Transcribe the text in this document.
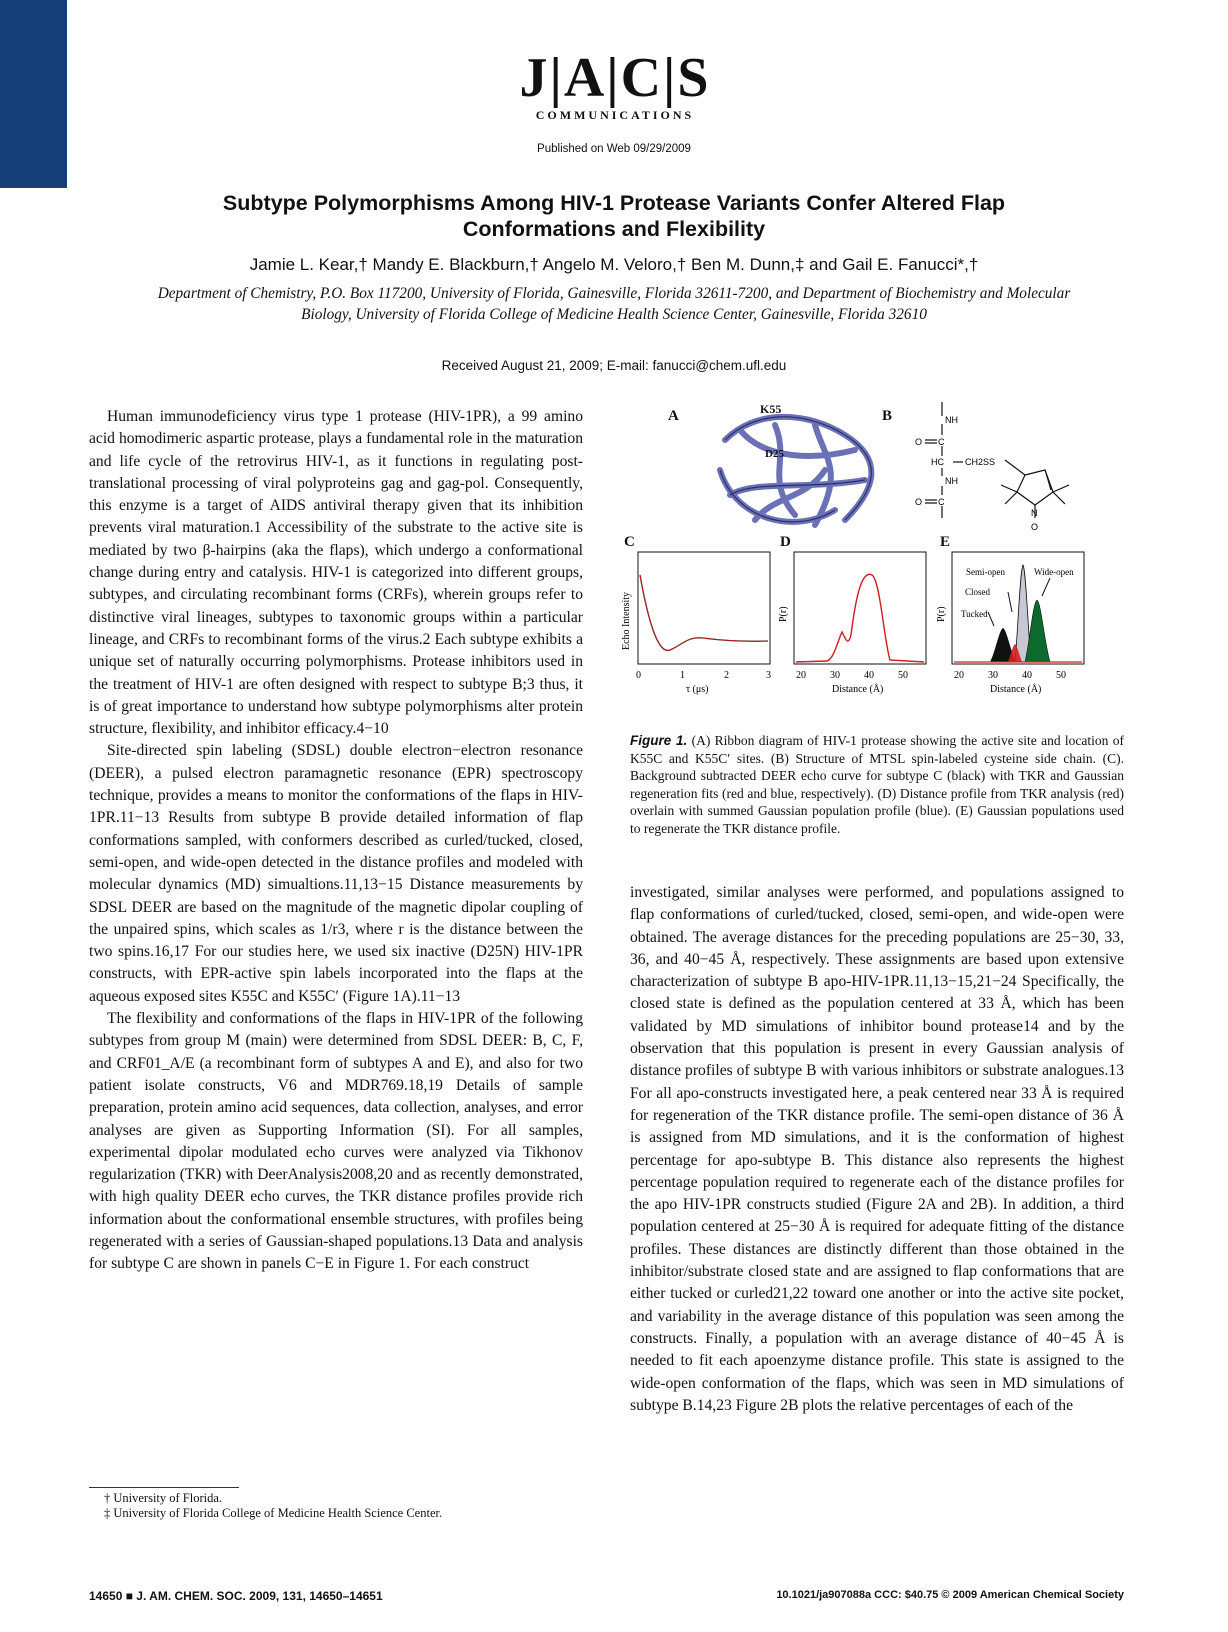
J|A|C|S
COMMUNICATIONS
Published on Web 09/29/2009
Subtype Polymorphisms Among HIV-1 Protease Variants Confer Altered Flap
Conformations and Flexibility
Jamie L. Kear,† Mandy E. Blackburn,† Angelo M. Veloro,† Ben M. Dunn,‡ and Gail E. Fanucci*,†
Department of Chemistry, P.O. Box 117200, University of Florida, Gainesville, Florida 32611-7200, and Department of Biochemistry and Molecular Biology, University of Florida College of Medicine Health Science Center, Gainesville, Florida 32610
Received August 21, 2009; E-mail: fanucci@chem.ufl.edu

Human immunodeficiency virus type 1 protease (HIV-1PR), a 99 amino acid homodimeric aspartic protease, plays a fundamental role in the maturation and life cycle of the retrovirus HIV-1, as it functions in regulating post-translational processing of viral polyproteins gag and gag-pol. Consequently, this enzyme is a target of AIDS antiviral therapy given that its inhibition prevents viral maturation.1 Accessibility of the substrate to the active site is mediated by two β-hairpins (aka the flaps), which undergo a conformational change during entry and catalysis. HIV-1 is categorized into different groups, subtypes, and circulating recombinant forms (CRFs), wherein groups refer to distinctive viral lineages, subtypes to taxonomic groups within a particular lineage, and CRFs to recombinant forms of the virus.2 Each subtype exhibits a unique set of naturally occurring polymorphisms. Protease inhibitors used in the treatment of HIV-1 are often designed with respect to subtype B;3 thus, it is of great importance to understand how subtype polymorphisms alter protein structure, flexibility, and inhibitor efficacy.4−10

Site-directed spin labeling (SDSL) double electron−electron resonance (DEER), a pulsed electron paramagnetic resonance (EPR) spectroscopy technique, provides a means to monitor the conformations of the flaps in HIV-1PR.11−13 Results from subtype B provide detailed information of flap conformations sampled, with conformers described as curled/tucked, closed, semi-open, and wide-open detected in the distance profiles and modeled with molecular dynamics (MD) simualtions.11,13−15 Distance measurements by SDSL DEER are based on the magnitude of the magnetic dipolar coupling of the unpaired spins, which scales as 1/r3, where r is the distance between the two spins.16,17 For our studies here, we used six inactive (D25N) HIV-1PR constructs, with EPR-active spin labels incorporated into the flaps at the aqueous exposed sites K55C and K55C′ (Figure 1A).11−13

The flexibility and conformations of the flaps in HIV-1PR of the following subtypes from group M (main) were determined from SDSL DEER: B, C, F, and CRF01_A/E (a recombinant form of subtypes A and E), and also for two patient isolate constructs, V6 and MDR769.18,19 Details of sample preparation, protein amino acid sequences, data collection, analyses, and error analyses are given as Supporting Information (SI). For all samples, experimental dipolar modulated echo curves were analyzed via Tikhonov regularization (TKR) with DeerAnalysis2008,20 and as recently demonstrated, with high quality DEER echo curves, the TKR distance profiles provide rich information about the conformational ensemble structures, with profiles being regenerated with a series of Gaussian-shaped populations.13 Data and analysis for subtype C are shown in panels C−E in Figure 1. For each construct

A	K55
D25
B	NH
O C
HC CH2SS
NH
O C
N
O
C
Echo Intensity
0	1	2	3
τ (μs)
D
P(r)
20 30 40 50
Distance (Å)
E
P(r)
Semi-open	Wide-open
Closed
Tucked
20 30 40 50
Distance (Å)
Figure 1. (A) Ribbon diagram of HIV-1 protease showing the active site and location of K55C and K55C′ sites. (B) Structure of MTSL spin-labeled cysteine side chain. (C). Background subtracted DEER echo curve for subtype C (black) with TKR and Gaussian regeneration fits (red and blue, respectively). (D) Distance profile from TKR analysis (red) overlain with summed Gaussian population profile (blue). (E) Gaussian populations used to regenerate the TKR distance profile.

investigated, similar analyses were performed, and populations assigned to flap conformations of curled/tucked, closed, semi-open, and wide-open were obtained. The average distances for the preceding populations are 25−30, 33, 36, and 40−45 Å, respectively. These assignments are based upon extensive characterization of subtype B apo-HIV-1PR.11,13−15,21−24 Specifically, the closed state is defined as the population centered at 33 Å, which has been validated by MD simulations of inhibitor bound protease14 and by the observation that this population is present in every Gaussian analysis of distance profiles of subtype B with various inhibitors or substrate analogues.13 For all apo-constructs investigated here, a peak centered near 33 Å is required for regeneration of the TKR distance profile. The semi-open distance of 36 Å is assigned from MD simulations, and it is the conformation of highest percentage for apo-subtype B. This distance also represents the highest percentage population required to regenerate each of the distance profiles for the apo HIV-1PR constructs studied (Figure 2A and 2B). In addition, a third population centered at 25−30 Å is required for adequate fitting of the distance profiles. These distances are distinctly different than those obtained in the inhibitor/substrate closed state and are assigned to flap conformations that are either tucked or curled21,22 toward one another or into the active site pocket, and variability in the average distance of this population was seen among the constructs. Finally, a population with an average distance of 40−45 Å is needed to fit each apoenzyme distance profile. This state is assigned to the wide-open conformation of the flaps, which was seen in MD simulations of subtype B.14,23 Figure 2B plots the relative percentages of each of the

† University of Florida.
‡ University of Florida College of Medicine Health Science Center.
14650 ■ J. AM. CHEM. SOC. 2009, 131, 14650–14651	10.1021/ja907088a CCC: $40.75 © 2009 American Chemical Society
